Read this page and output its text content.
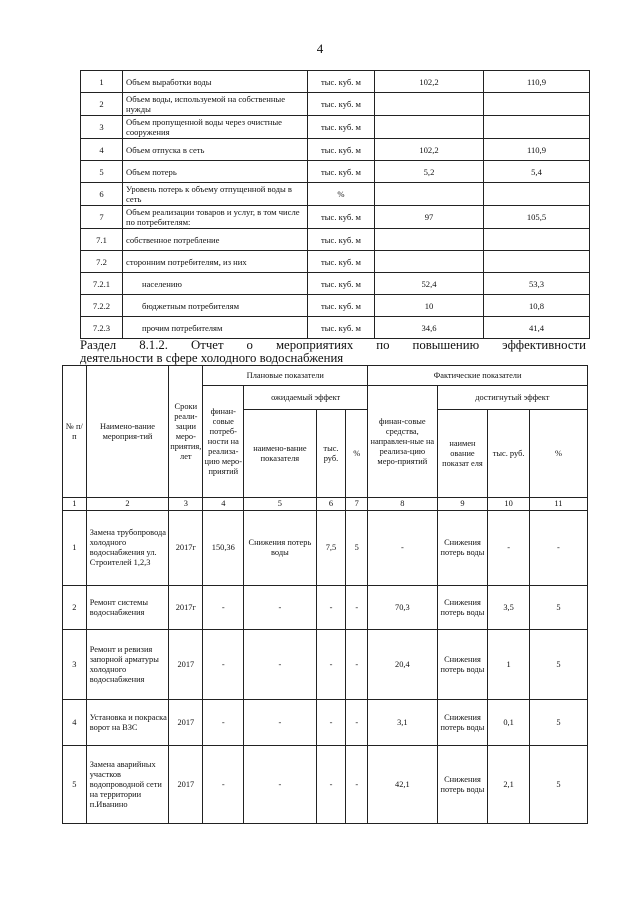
4
1	Объем выработки воды	тыс. куб. м	102,2	110,9
2	Объем воды, используемой на собственные нужды	тыс. куб. м		
3	Объем пропущенной воды через очистные сооружения	тыс. куб. м		
4	Объем отпуска в сеть	тыс. куб. м	102,2	110,9
5	Объем потерь	тыс. куб. м	5,2	5,4
6	Уровень потерь к объему отпущенной воды в сеть	%		
7	Объем реализации товаров и услуг, в том числе по потребителям:	тыс. куб. м	97	105,5
7.1	собственное потребление	тыс. куб. м		
7.2	сторонним потребителям, из них	тыс. куб. м		
7.2.1	населению	тыс. куб. м	52,4	53,3
7.2.2	бюджетным потребителям	тыс. куб. м	10	10,8
7.2.3	прочим потребителям	тыс. куб. м	34,6	41,4
Раздел 8.1.2. Отчет о мероприятиях по повышению эффективности
деятельности в сфере холодного водоснабжения
№ п/п	Наимено-вание мероприя-тий	Сроки реали-зации меро-приятия, лет	Плановые показатели				Фактические показатели			
			финан-совые потреб-ности на реализа-цию меро-приятий	ожидаемый эффект			финан-совые средства, направлен-ные на реализа-цию меро-приятий	достигнутый эффект		
				наимено-вание показателя	тыс. руб.	%		наимен ование показат еля	тыс. руб.	%
1	2	3	4	5	6	7	8	9	10	11
1	Замена трубопровода холодного водоснабжения ул. Строителей 1,2,3	2017г	150,36	Снижения потерь воды	7,5	5	-	Снижения потерь воды	-	-
2	Ремонт системы водоснабжения	2017г	-	-	-	-	70,3	Снижения потерь воды	3,5	5
3	Ремонт и ревизия запорной арматуры холодного водоснабжения	2017	-	-	-	-	20,4	Снижения потерь воды	1	5
4	Установка и покраска ворот на ВЗС	2017	-	-	-	-	3,1	Снижения потерь воды	0,1	5
5	Замена аварийных участков водопроводной сети на территории п.Иванино	2017	-	-	-	-	42,1	Снижения потерь воды	2,1	5
